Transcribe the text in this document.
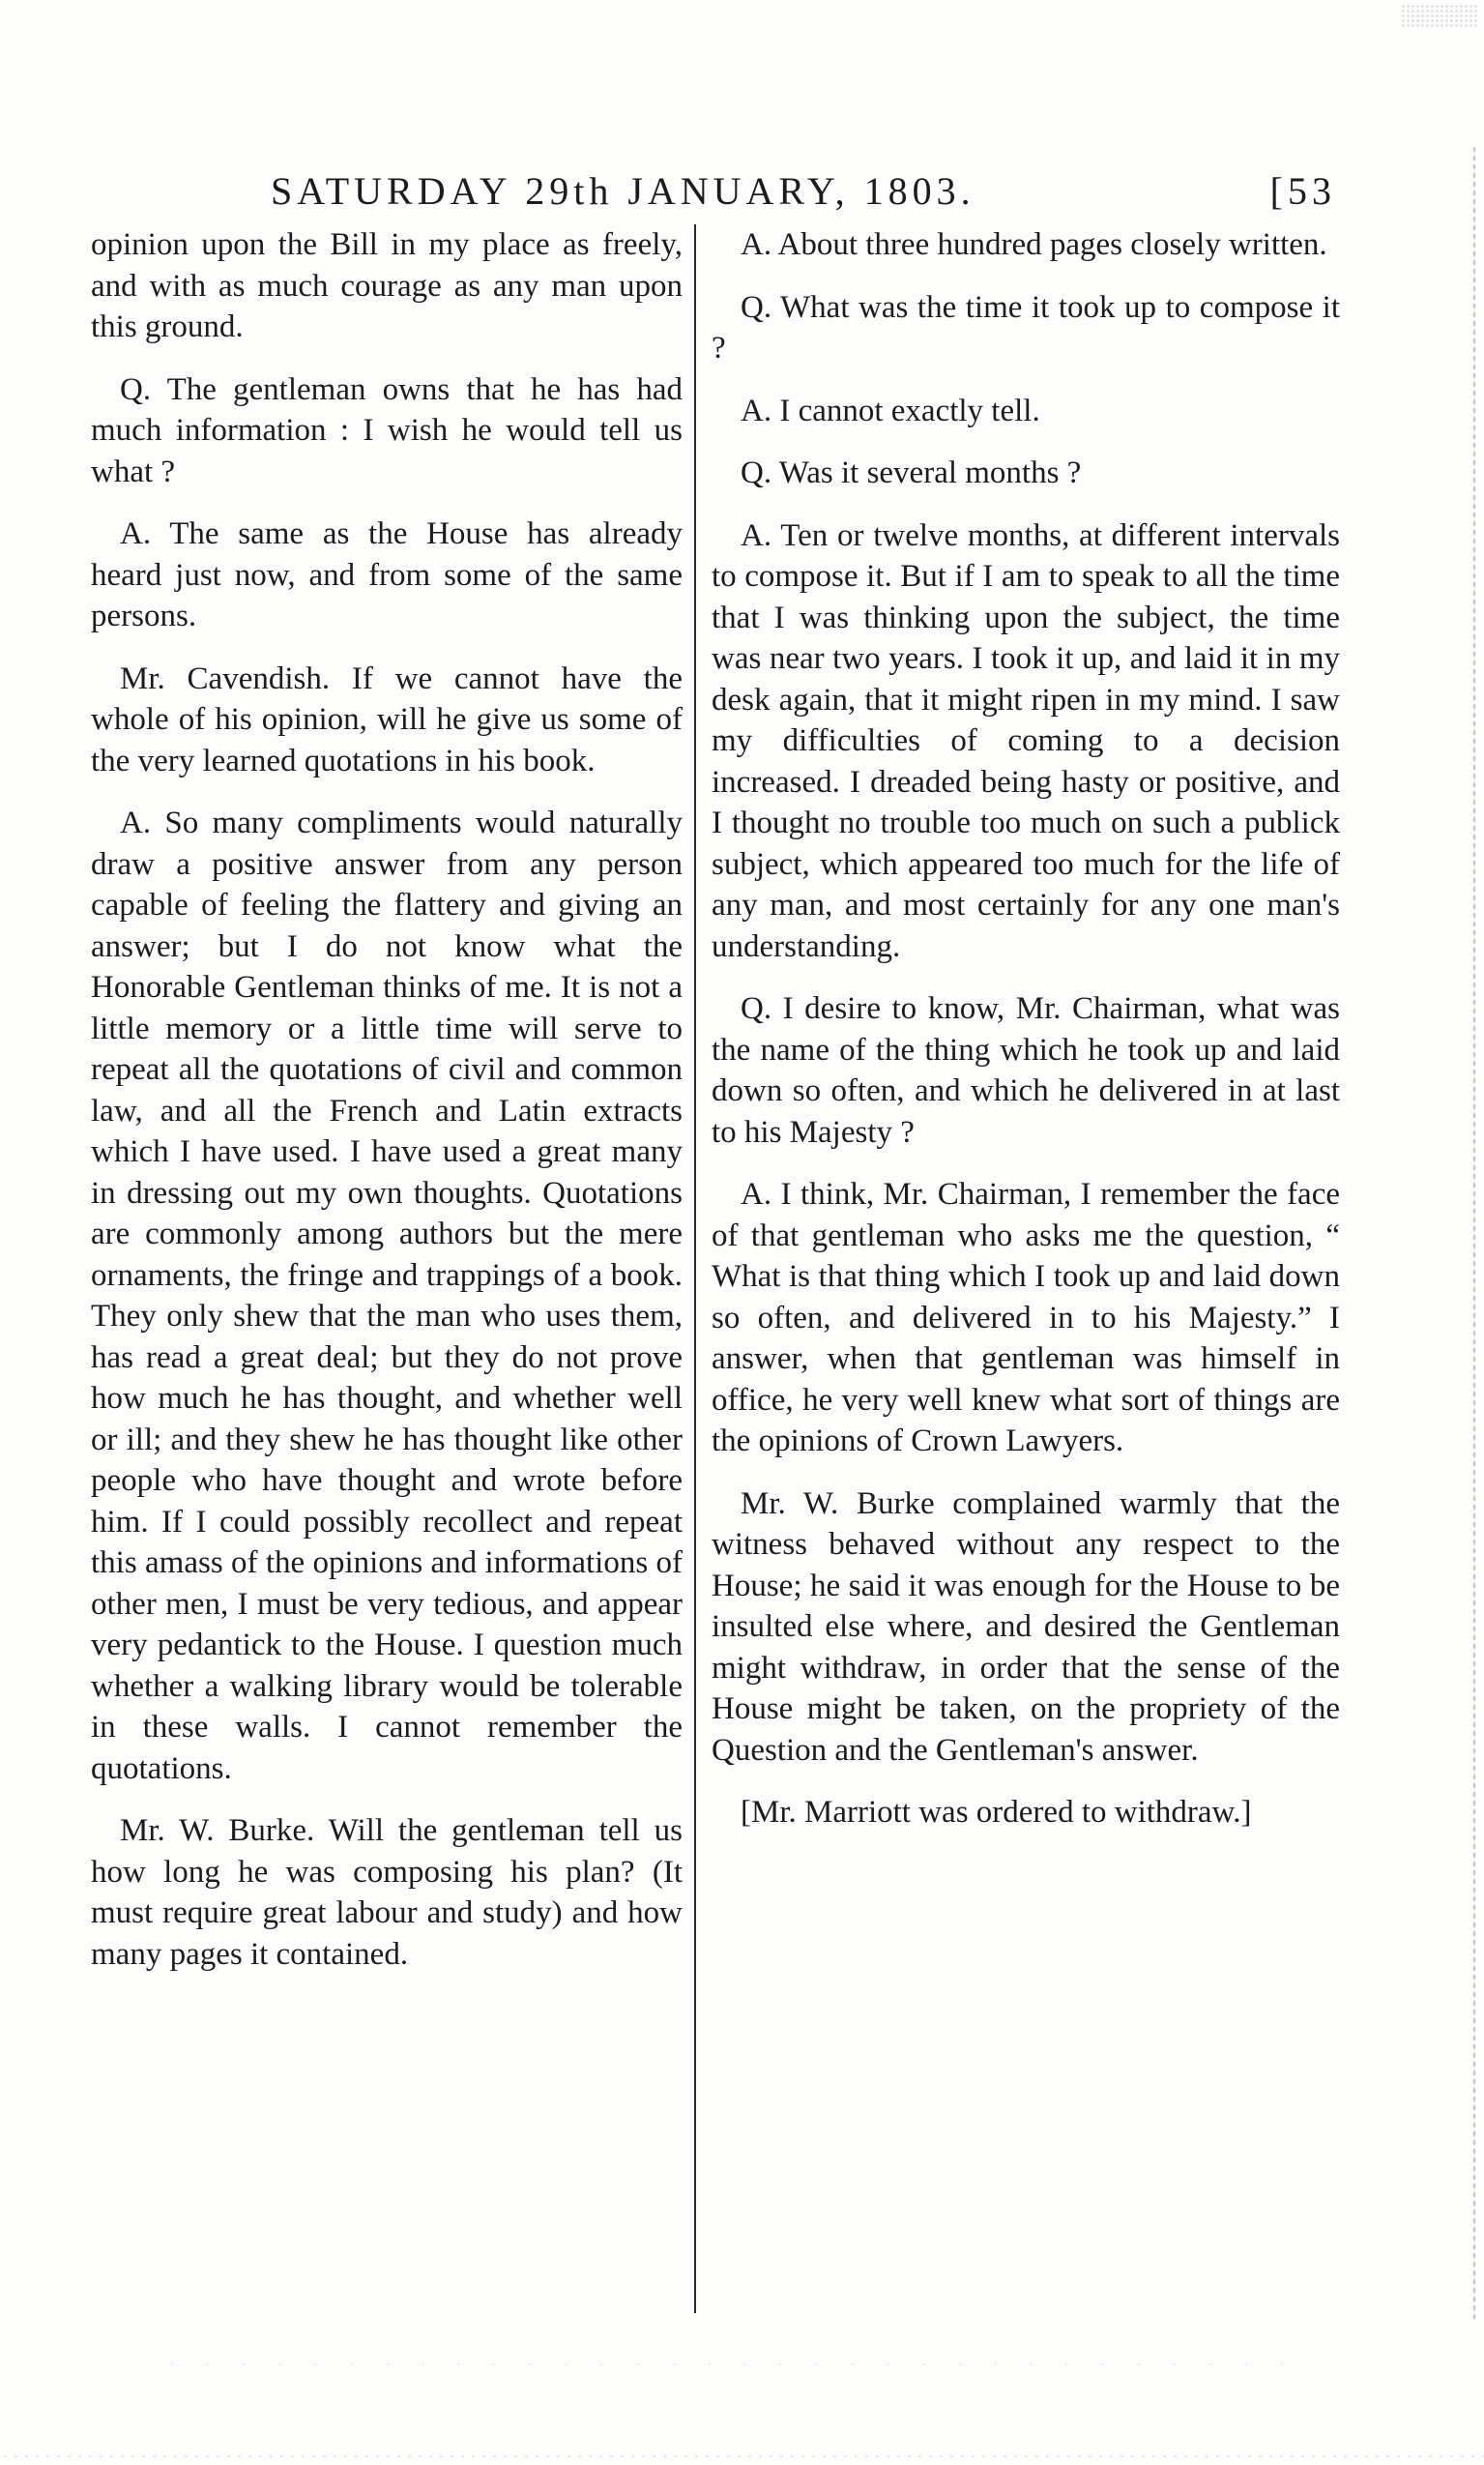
SATURDAY 29th JANUARY, 1803.	[53

opinion upon the Bill in my place as freely, and with as much courage as any man upon this ground.

Q. The gentleman owns that he has had much information : I wish he would tell us what ?

A. The same as the House has already heard just now, and from some of the same persons.

Mr. Cavendish. If we cannot have the whole of his opinion, will he give us some of the very learned quotations in his book.

A. So many compliments would naturally draw a positive answer from any person capable of feeling the flattery and giving an answer; but I do not know what the Honorable Gentleman thinks of me. It is not a little memory or a little time will serve to repeat all the quotations of civil and common law, and all the French and Latin extracts which I have used. I have used a great many in dressing out my own thoughts. Quotations are commonly among authors but the mere ornaments, the fringe and trappings of a book. They only shew that the man who uses them, has read a great deal; but they do not prove how much he has thought, and whether well or ill; and they shew he has thought like other people who have thought and wrote before him. If I could possibly recollect and repeat this amass of the opinions and informations of other men, I must be very tedious, and appear very pedantick to the House. I question much whether a walking library would be tolerable in these walls. I cannot remember the quotations.

Mr. W. Burke. Will the gentleman tell us how long he was composing his plan? (It must require great labour and study) and how many pages it contained.

A. About three hundred pages closely written.

Q. What was the time it took up to compose it ?

A. I cannot exactly tell.

Q. Was it several months ?

A. Ten or twelve months, at different intervals to compose it. But if I am to speak to all the time that I was thinking upon the subject, the time was near two years. I took it up, and laid it in my desk again, that it might ripen in my mind. I saw my difficulties of coming to a decision increased. I dreaded being hasty or positive, and I thought no trouble too much on such a publick subject, which appeared too much for the life of any man, and most certainly for any one man's understanding.

Q. I desire to know, Mr. Chairman, what was the name of the thing which he took up and laid down so often, and which he delivered in at last to his Majesty ?

A. I think, Mr. Chairman, I remember the face of that gentleman who asks me the question, “ What is that thing which I took up and laid down so often, and delivered in to his Majesty.” I answer, when that gentleman was himself in office, he very well knew what sort of things are the opinions of Crown Lawyers.

Mr. W. Burke complained warmly that the witness behaved without any respect to the House; he said it was enough for the House to be insulted else where, and desired the Gentleman might withdraw, in order that the sense of the House might be taken, on the propriety of the Question and the Gentleman's answer.

[Mr. Marriott was ordered to withdraw.]
